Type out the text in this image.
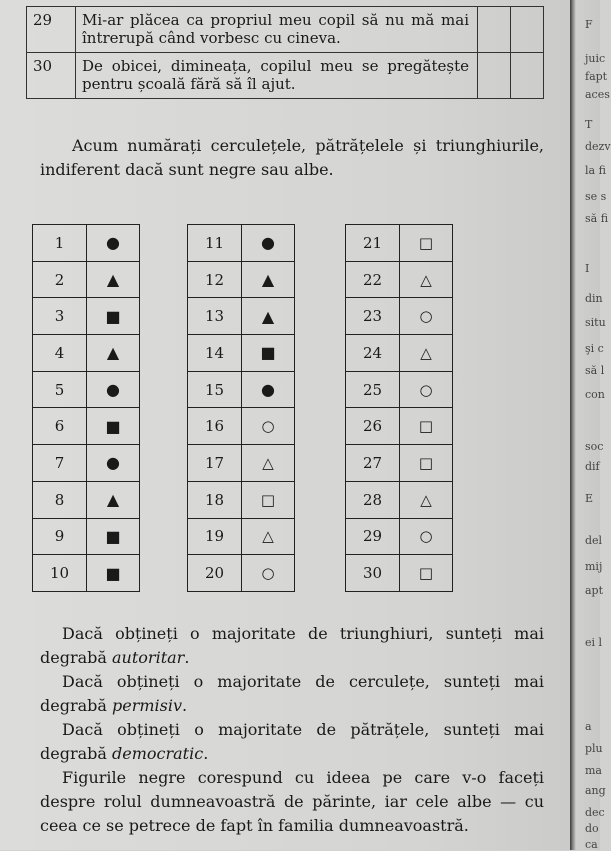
29	Mi-ar plăcea ca propriul meu copil să nu mă mai întrerupă când vorbesc cu cineva.		
30	De obicei, dimineața, copilul meu se pregătește pentru școală fără să îl ajut.		

Acum numărați cerculețele, pătrățelele și triunghiurile, indiferent dacă sunt negre sau albe.

1	●
2	▲
3	■
4	▲
5	●
6	■
7	●
8	▲
9	■
10	■
11	●
12	▲
13	▲
14	■
15	●
16	○
17	△
18	□
19	△
20	○
21	□
22	△
23	○
24	△
25	○
26	□
27	□
28	△
29	○
30	□

Dacă obțineți o majoritate de triunghiuri, sunteți mai degrabă autoritar.

Dacă obțineți o majoritate de cerculețe, sunteți mai degrabă permisiv.

Dacă obțineți o majoritate de pătrățele, sunteți mai degrabă democratic.

Figurile negre corespund cu ideea pe care v-o faceți despre rolul dumneavoastră de părinte, iar cele albe — cu ceea ce se petrece de fapt în familia dumneavoastră.

F
juic
fapt
aces
T
dezv
la fi
se s
să fi
I
din
situ
şi c
să l
con
soc
dif
E
del
mij
apt
ei l
a
plu
ma
ang
dec
do
ca
